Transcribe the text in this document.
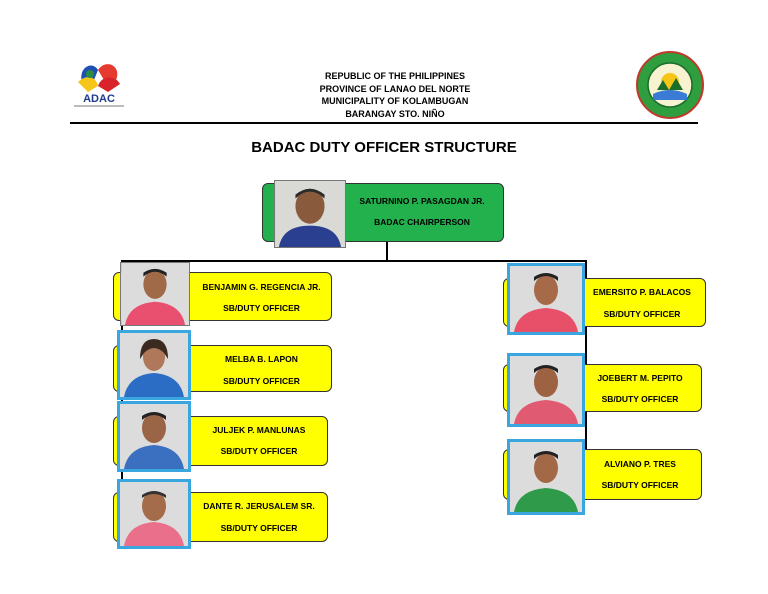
ADAC
REPUBLIC OF THE PHILIPPINES
PROVINCE OF LANAO DEL NORTE
MUNICIPALITY OF KOLAMBUGAN
BARANGAY STO. NIÑO
BADAC DUTY OFFICER STRUCTURE
SATURNINO P. PASAGDAN JR.
BADAC CHAIRPERSON
BENJAMIN G. REGENCIA JR.
SB/DUTY OFFICER
MELBA B. LAPON
SB/DUTY OFFICER
JULJEK P. MANLUNAS
SB/DUTY OFFICER
DANTE R. JERUSALEM SR.
SB/DUTY OFFICER
EMERSITO P. BALACOS
SB/DUTY OFFICER
JOEBERT M. PEPITO
SB/DUTY OFFICER
ALVIANO P. TRES
SB/DUTY OFFICER
